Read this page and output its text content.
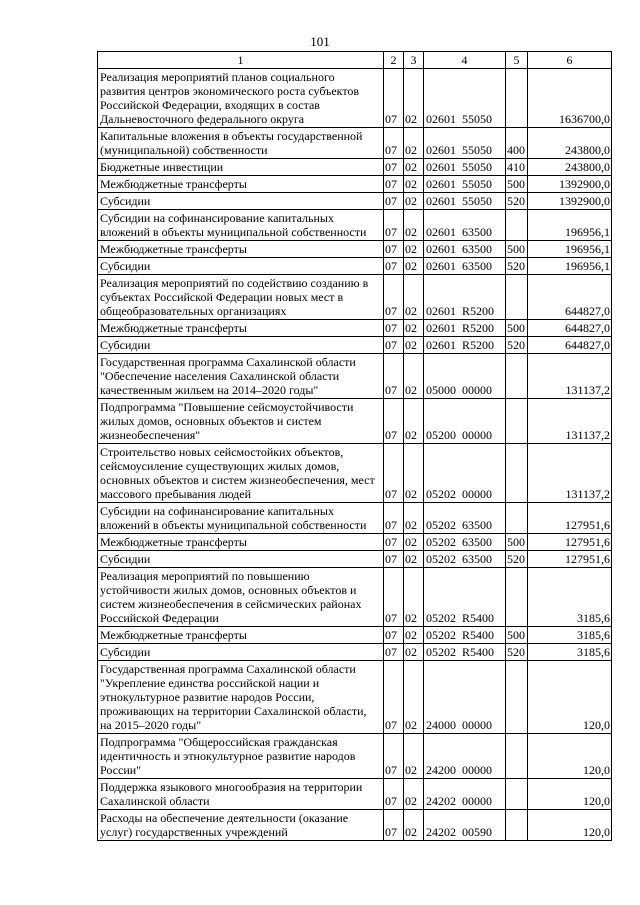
101
1	2	3	4	5	6
Реализация мероприятий планов социального развития центров экономического роста субъектов Российской Федерации, входящих в состав Дальневосточного федерального округа	07	02	02601 55050		1636700,0
Капитальные вложения в объекты государственной (муниципальной) собственности	07	02	02601 55050	400	243800,0
Бюджетные инвестиции	07	02	02601 55050	410	243800,0
Межбюджетные трансферты	07	02	02601 55050	500	1392900,0
Субсидии	07	02	02601 55050	520	1392900,0
Субсидии на софинансирование капитальных вложений в объекты муниципальной собственности	07	02	02601 63500		196956,1
Межбюджетные трансферты	07	02	02601 63500	500	196956,1
Субсидии	07	02	02601 63500	520	196956,1
Реализация мероприятий по содействию созданию в субъектах Российской Федерации новых мест в общеобразовательных организациях	07	02	02601 R5200		644827,0
Межбюджетные трансферты	07	02	02601 R5200	500	644827,0
Субсидии	07	02	02601 R5200	520	644827,0
Государственная программа Сахалинской области "Обеспечение населения Сахалинской области качественным жильем на 2014–2020 годы"	07	02	05000 00000		131137,2
Подпрограмма "Повышение сейсмоустойчивости жилых домов, основных объектов и систем жизнеобеспечения"	07	02	05200 00000		131137,2
Строительство новых сейсмостойких объектов, сейсмоусиление существующих жилых домов, основных объектов и систем жизнеобеспечения, мест массового пребывания людей	07	02	05202 00000		131137,2
Субсидии на софинансирование капитальных вложений в объекты муниципальной собственности	07	02	05202 63500		127951,6
Межбюджетные трансферты	07	02	05202 63500	500	127951,6
Субсидии	07	02	05202 63500	520	127951,6
Реализация мероприятий по повышению устойчивости жилых домов, основных объектов и систем жизнеобеспечения в сейсмических районах Российской Федерации	07	02	05202 R5400		3185,6
Межбюджетные трансферты	07	02	05202 R5400	500	3185,6
Субсидии	07	02	05202 R5400	520	3185,6
Государственная программа Сахалинской области "Укрепление единства российской нации и этнокультурное развитие народов России, проживающих на территории Сахалинской области, на 2015–2020 годы"	07	02	24000 00000		120,0
Подпрограмма "Общероссийская гражданская идентичность и этнокультурное развитие народов России"	07	02	24200 00000		120,0
Поддержка языкового многообразия на территории Сахалинской области	07	02	24202 00000		120,0
Расходы на обеспечение деятельности (оказание услуг) государственных учреждений	07	02	24202 00590		120,0
